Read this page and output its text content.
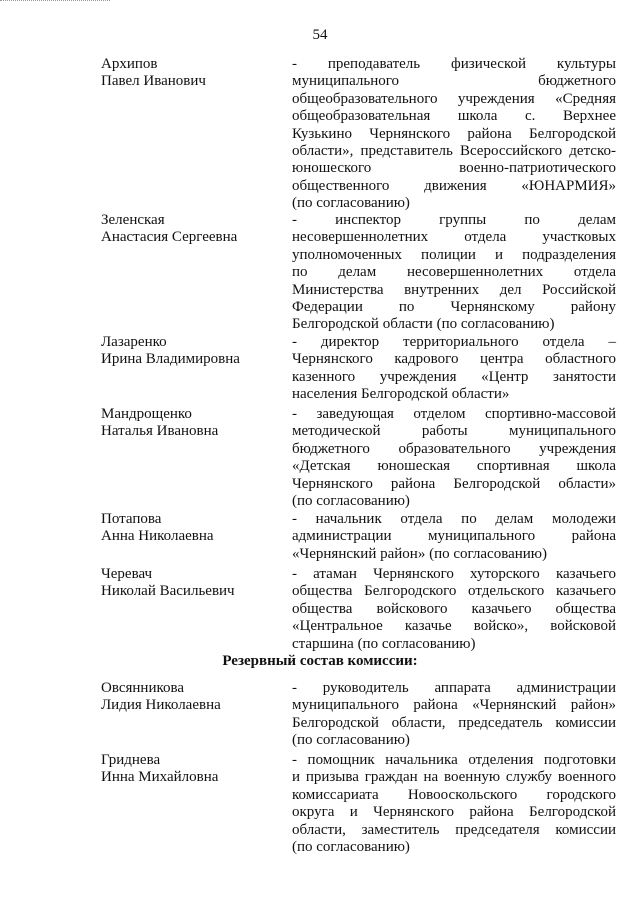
54
Архипов
Павел Иванович
- преподаватель физической культуры
муниципального бюджетного
общеобразовательного учреждения «Средняя
общеобразовательная школа с. Верхнее
Кузькино Чернянского района Белгородской
области», представитель Всероссийского детско-
юношеского военно-патриотического
общественного движения «ЮНАРМИЯ»
(по согласованию)
Зеленская
Анастасия Сергеевна
- инспектор группы по делам
несовершеннолетних отдела участковых
уполномоченных полиции и подразделения
по делам несовершеннолетних отдела
Министерства внутренних дел Российской
Федерации по Чернянскому району
Белгородской области (по согласованию)
Лазаренко
Ирина Владимировна
- директор территориального отдела –
Чернянского кадрового центра областного
казенного учреждения «Центр занятости
населения Белгородской области»
Мандрощенко
Наталья Ивановна
- заведующая отделом спортивно-массовой
методической работы муниципального
бюджетного образовательного учреждения
«Детская юношеская спортивная школа
Чернянского района Белгородской области»
(по согласованию)
Потапова
Анна Николаевна
- начальник отдела по делам молодежи
администрации муниципального района
«Чернянский район» (по согласованию)
Черевач
Николай Васильевич
- атаман Чернянского хуторского казачьего
общества Белгородского отдельского казачьего
общества войскового казачьего общества
«Центральное казачье войско», войсковой
старшина (по согласованию)
Резервный состав комиссии:
Овсянникова
Лидия Николаевна
- руководитель аппарата администрации
муниципального района «Чернянский район»
Белгородской области, председатель комиссии
(по согласованию)
Гриднева
Инна Михайловна
- помощник начальника отделения подготовки
и призыва граждан на военную службу военного
комиссариата Новооскольского городского
округа и Чернянского района Белгородской
области, заместитель председателя комиссии
(по согласованию)
